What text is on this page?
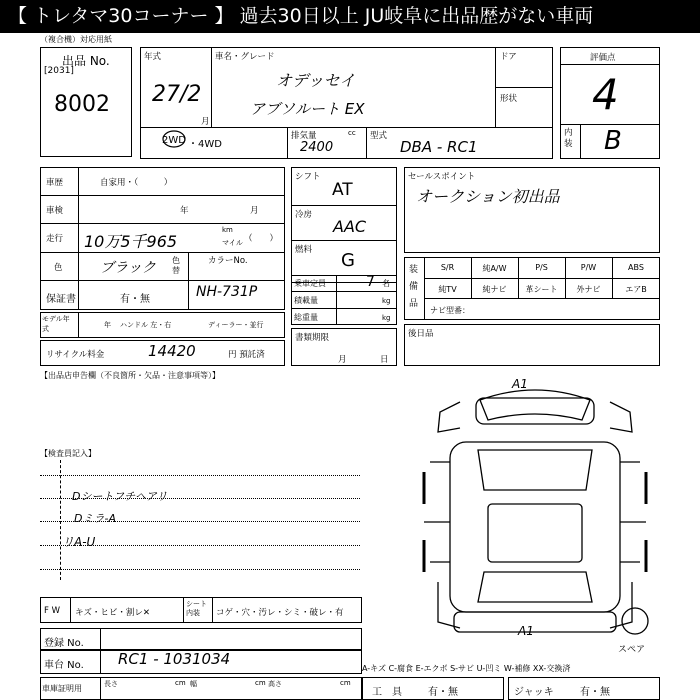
【 トレタマ30コーナー 】 過去30日以上 JU岐阜に出品歴がない車両
（複合機）対応用紙
出品 No.
[2031]
8002
年式
27/2
月
車名・グレード
オデッセイ
アブソルート EX
ドア
形状
2WD ・4WD
排気量
2400
cc 型式
DBA - RC1
評価点
4
内装 B
車歴	自家用・（　　　）
車検	年	月
走行 10万5千965
km
マイル （　　）
色	ブラック 色替
カラーNo.
保証書	有・無	NH-731P
モデル年式	年 ハンドル 左・右	ディーラー・並行
リサイクル料金	14420	円 預託済
シフト
AT
冷房
AAC
燃料 G
乗車定員	7 名
積載量	kg
総重量	kg
書類期限
月	日
セールスポイント
オークション初出品
装備品
S/R	純A/W	P/S	P/W	ABS
純TV	純ナビ	革シート	外ナビ	エアB
ナビ型番：
後日品
【出品店申告欄（不良箇所・欠品・注意事項等）】
【検査員記入】
Dシートフチヘアリ
Dミラ-A
リA-U
A1
A1
スペア
F W キズ・ヒビ・割レ✕
シート内装	コゲ・穴・汚レ・シミ・破レ・有
登録 No.
車台 No. RC1 - 1031034
A-キズ C-腐食 E-エクボ S-サビ U-凹ミ W-補修 XX-交換済
車庫証明用	長さ	cm 幅	cm 高さ	cm
工　具	有・無	ジャッキ	有・無
